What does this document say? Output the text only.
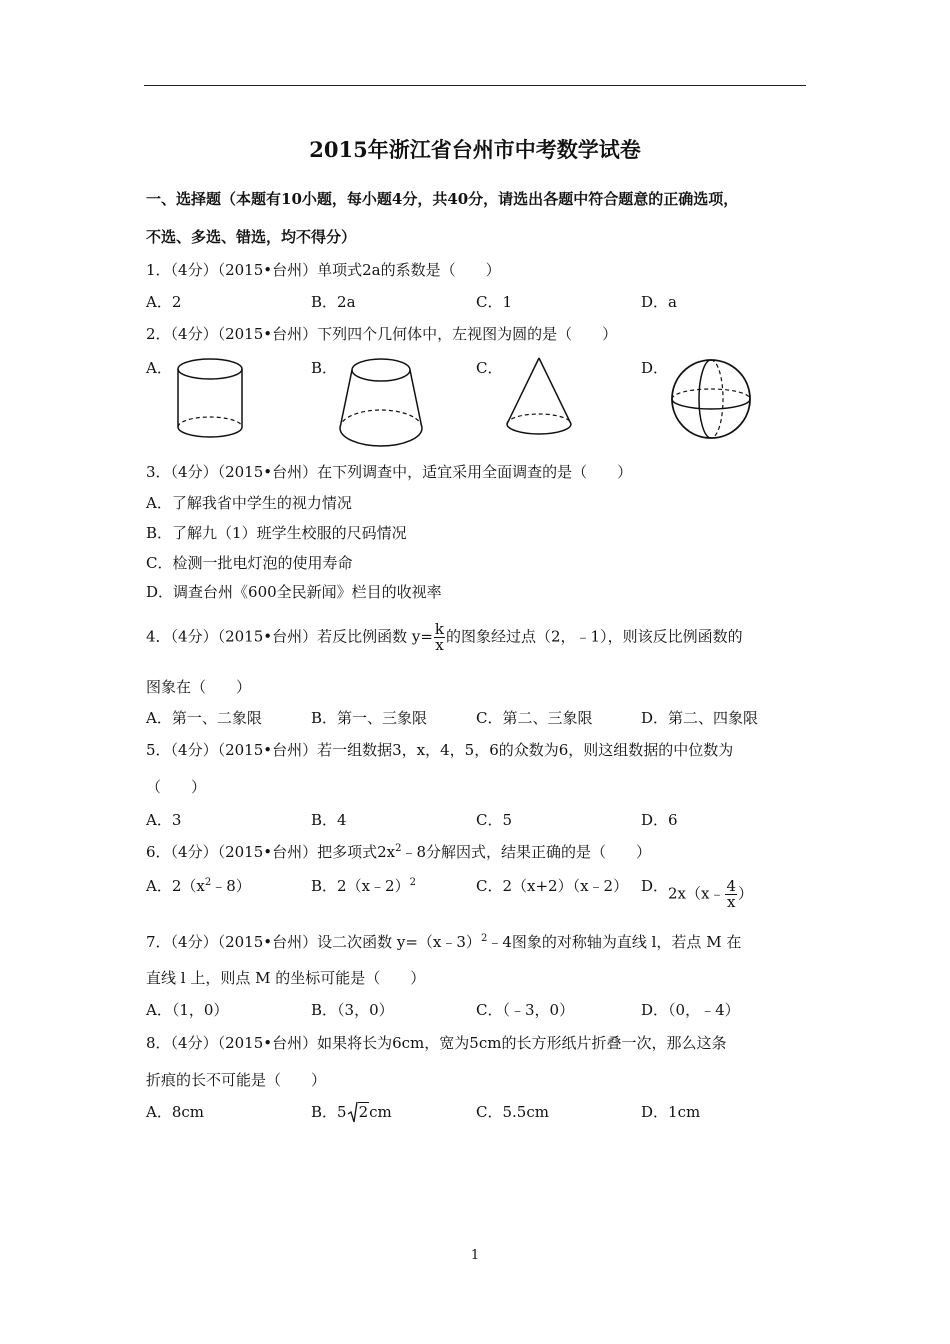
2015年浙江省台州市中考数学试卷
一、选择题（本题有10小题，每小题4分，共40分，请选出各题中符合题意的正确选项，
不选、多选、错选，均不得分）
1．（4分）（2015•台州）单项式2a的系数是（　　）
A．2	B．2a	C．1	D．a
2．（4分）（2015•台州）下列四个几何体中，左视图为圆的是（　　）
A．	B．	C．	D．
3．（4分）（2015•台州）在下列调查中，适宜采用全面调查的是（　　）
A．了解我省中学生的视力情况
B．了解九（1）班学生校服的尺码情况
C．检测一批电灯泡的使用寿命
D．调查台州《600全民新闻》栏目的收视率
4．（4分）（2015•台州）若反比例函数 $y= \frac{k}{x}$ 的图象经过点（2，﹣1），则该反比例函数的
图象在（　　）
A．第一、二象限	B．第一、三象限	C．第二、三象限	D．第二、四象限
5．（4分）（2015•台州）若一组数据3，x，4，5，6的众数为6，则这组数据的中位数为
（　　）
A．3	B．4	C．5	D．6
6．（4分）（2015•台州）把多项式$2x^2﹣8$分解因式，结果正确的是（　　）
A．$2(x^2﹣8)$	B．2（x﹣2）$^2$	C．2（x+2）（x﹣2） D． 2x（x﹣ $\frac{4}{x}$ ）
7．（4分）（2015•台州）设二次函数 y=（x﹣3）$^2$﹣4图象的对称轴为直线 l，若点 M 在
直线 l 上，则点 M 的坐标可能是（　　）
A．（1，0）	B．（3，0）	C．（﹣3，0）	D．（0，﹣4）
8．（4分）（2015•台州）如果将长为6cm，宽为5cm的长方形纸片折叠一次，那么这条
折痕的长不可能是（　　）
A．8cm	B．5 2cm	C．5.5cm	D．1cm
1
